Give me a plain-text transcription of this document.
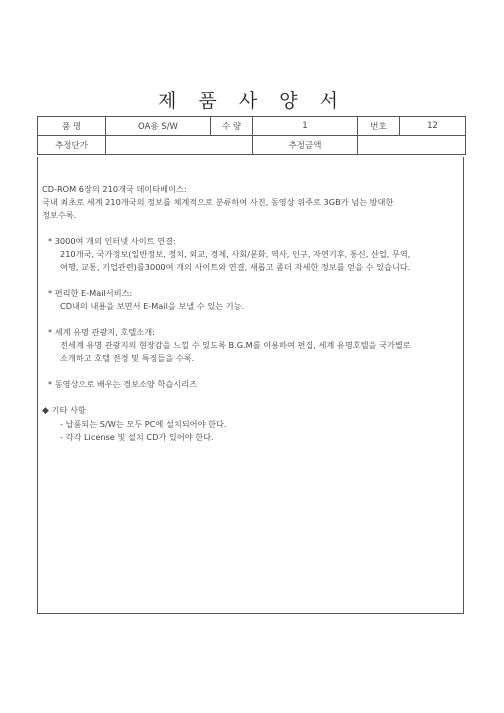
제 품 사 양 서
품 명	OA용 S/W	수 량	1	번호	12
추정단가			추정금액		

CD-ROM 6장의 210개국 데이타베이스:

국내 최초로 세계 210개국의 정보를 체계적으로 분류하여 사진, 동영상 위주로 3GB가 넘는 방대한

정보수록.

* 3000여 개의 인터넷 사이트 연결:

210개국, 국가정보(일반정보, 정치, 외교, 경제, 사회/문화, 역사, 인구, 자연기후, 통신, 산업, 무역,

여행, 교통, 기업관련)를3000여 개의 사이트와 연결, 새롭고 좀더 자세한 정보를 얻을 수 있습니다.

* 편리한 E-Mail서비스:

CD내의 내용을 보면서 E-Mail을 보낼 수 있는 기능.

* 세계 유명 관광지, 호텔소개:

전세계 유명 관광지의 현장감을 느낄 수 있도록 B.G.M를 이용하여 편집, 세계 유명호텔을 국가별로

소개하고 호텔 전경 및 특징들을 수록.

* 동영상으로 배우는 경보소양 학습시리즈

◆ 기타 사항

- 납품되는 S/W는 모두 PC에 설치되어야 한다.

- 각각 License 및 설치 CD가 있어야 한다.
